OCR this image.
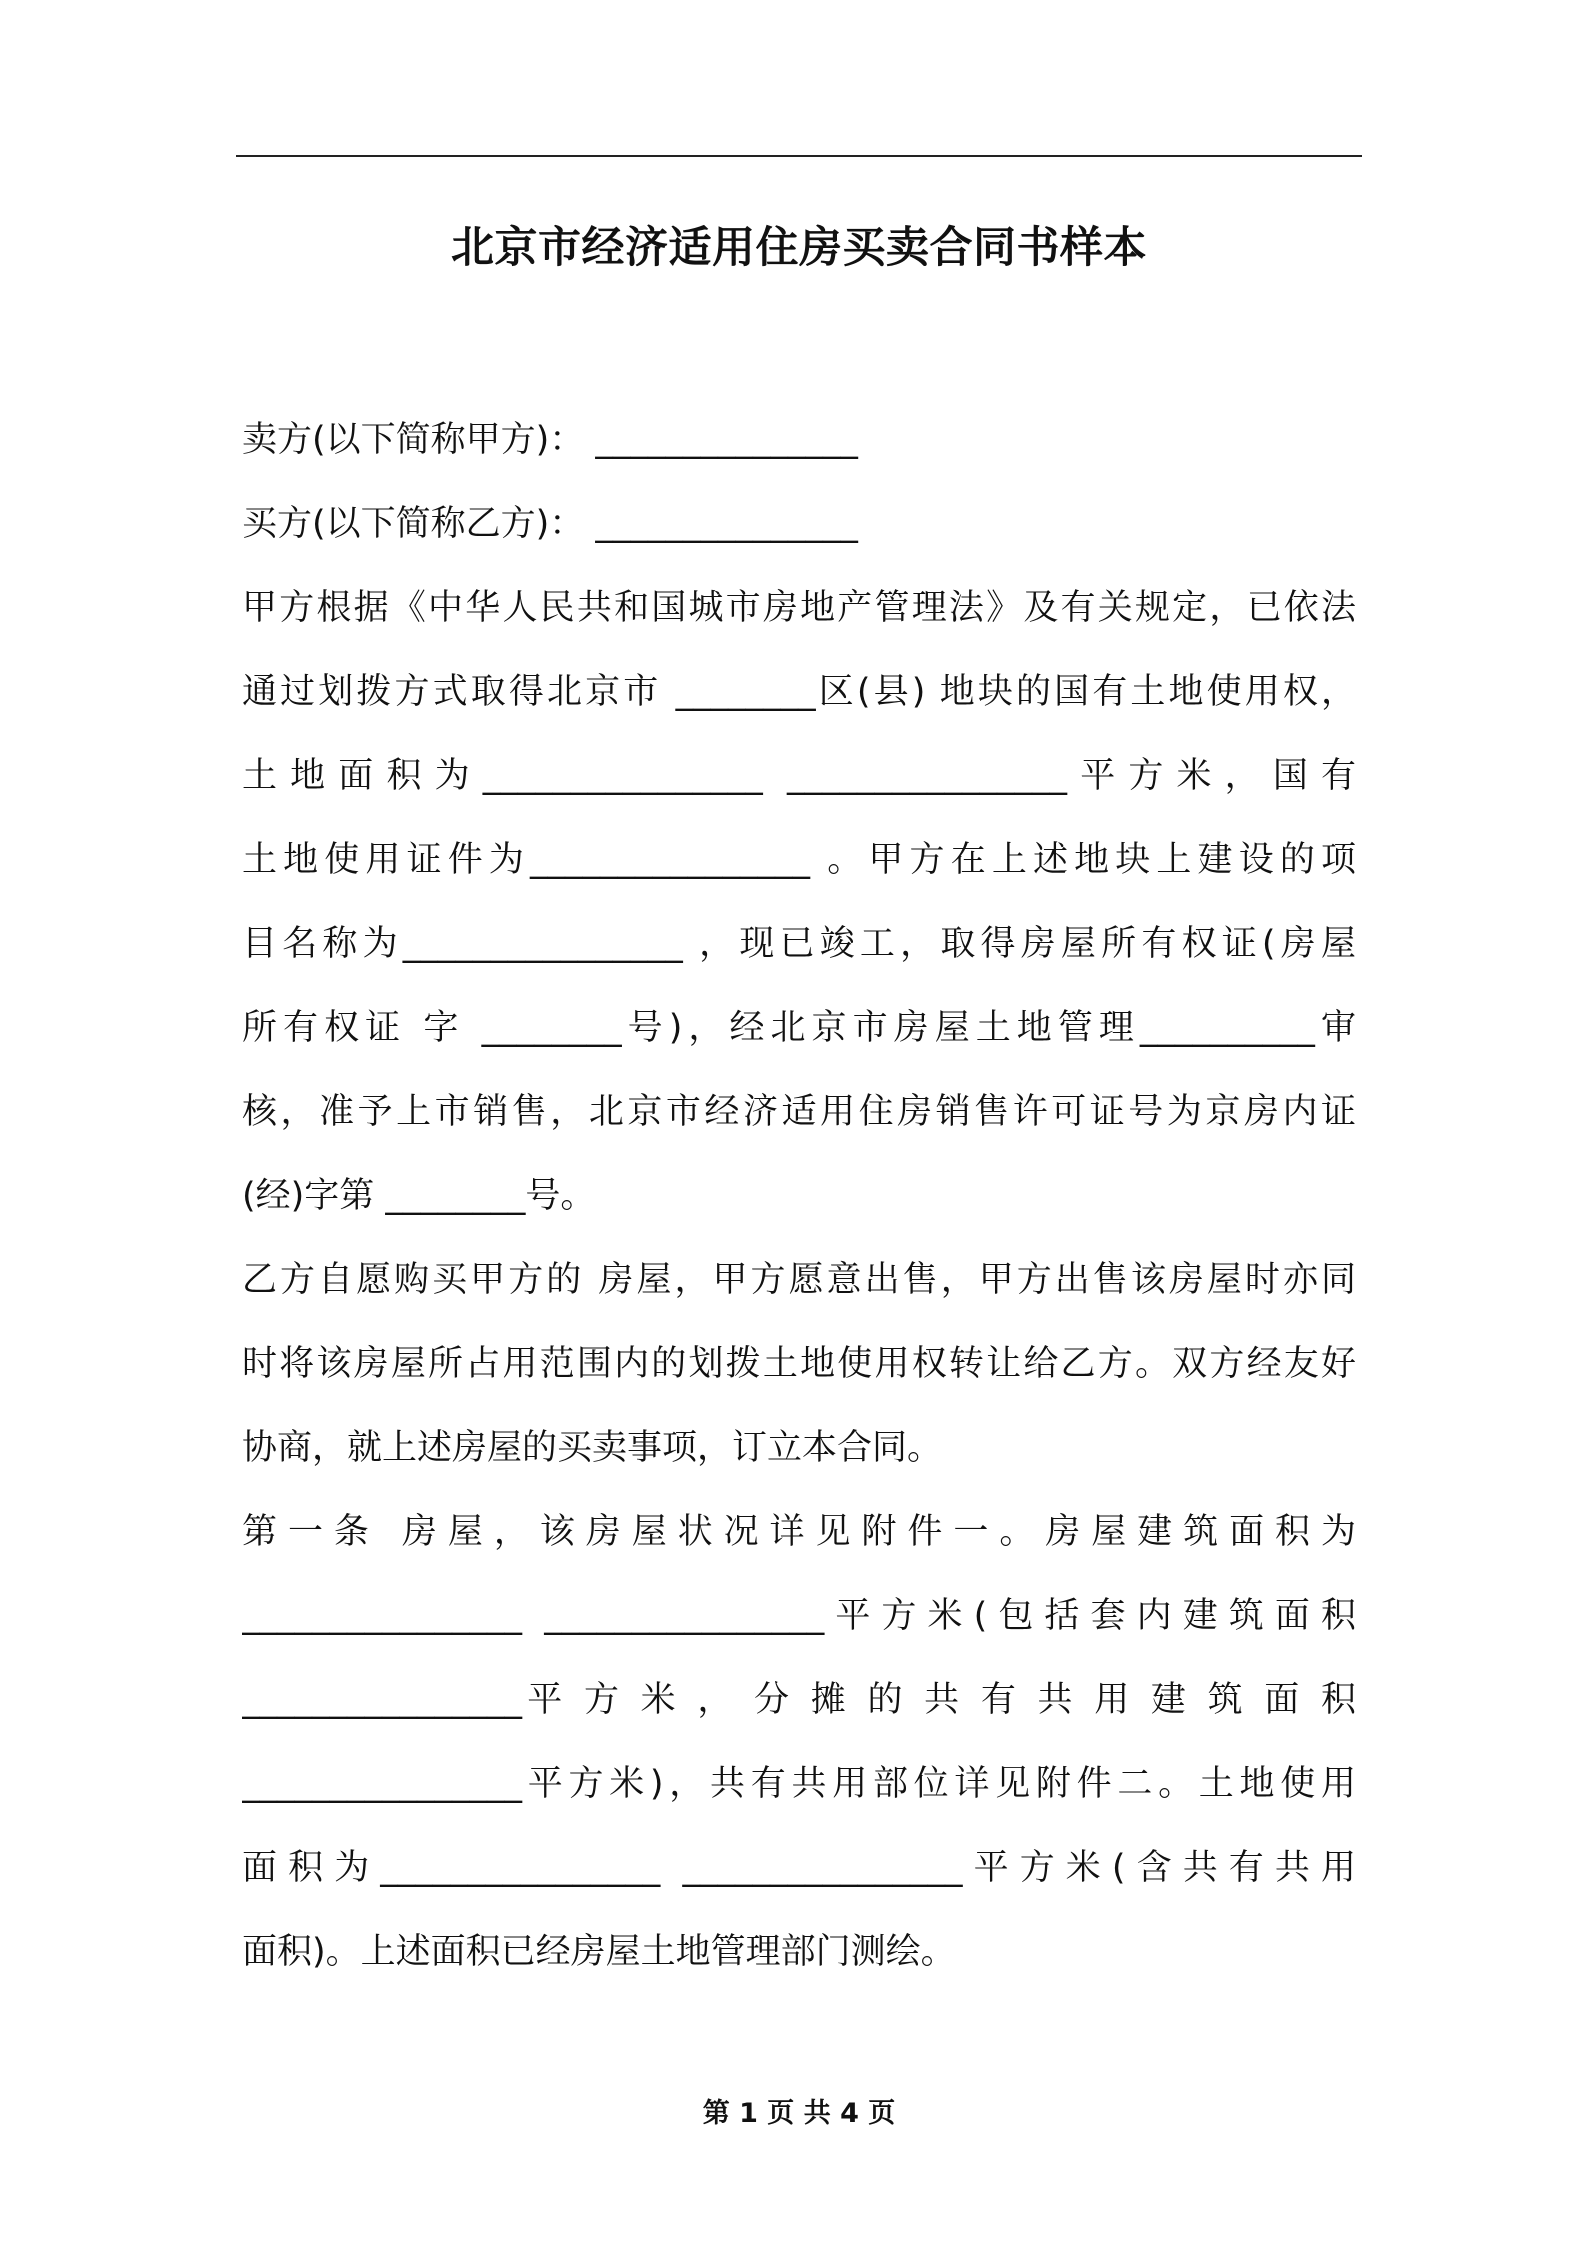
北京市经济适用住房买卖合同书样本
卖方(以下简称甲方)： _______________
买方(以下简称乙方)： _______________
甲方根据《中华人民共和国城市房地产管理法》及有关规定，已依法
通过划拨方式取得北京市 ________区(县) 地块的国有土地使用权，
土地面积为________________ ________________平方米，国有
土地使用证件为________________ 。甲方在上述地块上建设的项
目名称为________________ ，现已竣工，取得房屋所有权证(房屋
所有权证 字 ________号)，经北京市房屋土地管理__________审
核，准予上市销售，北京市经济适用住房销售许可证号为京房内证
(经)字第 ________号。
乙方自愿购买甲方的 房屋，甲方愿意出售，甲方出售该房屋时亦同
时将该房屋所占用范围内的划拨土地使用权转让给乙方。双方经友好
协商，就上述房屋的买卖事项，订立本合同。
第一条 房屋，该房屋状况详见附件一。房屋建筑面积为
________________ ________________平方米(包括套内建筑面积
________________平 方 米 ， 分 摊 的 共 有 共 用 建 筑 面 积
________________平方米)，共有共用部位详见附件二。土地使用
面积为________________ ________________平方米(含共有共用
面积)。上述面积已经房屋土地管理部门测绘。
第 1 页 共 4 页
